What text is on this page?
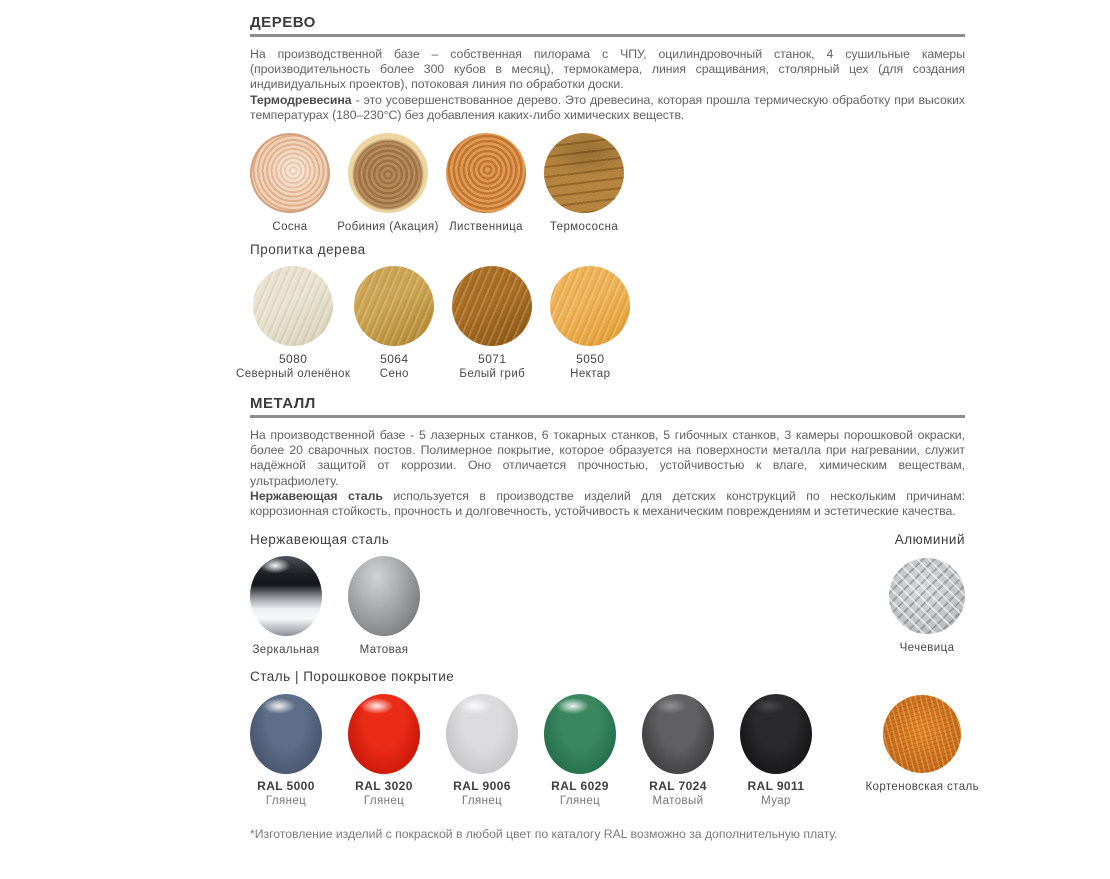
ДЕРЕВО

На производственной базе – собственная пилорама с ЧПУ, оцилиндровочный станок, 4 сушильные камеры (производительность более 300 кубов в месяц), термокамера, линия сращивания, столярный цех (для создания индивидуальных проектов), потоковая линия по обработки доски.

Термодревесина - это усовершенствованное дерево. Это древесина, которая прошла термическую обработку при высоких температурах (180–230°С) без добавления каких-либо химических веществ.

Сосна	Робиния (Акация) Лиственница Термососна
Пропитка дерева
5080
Северный оленёнок
5064
Сено
5071
Белый гриб
5050
Нектар
МЕТАЛЛ

На производственной базе - 5 лазерных станков, 6 токарных станков, 5 гибочных станков, 3 камеры порошковой окраски, более 20 сварочных постов. Полимерное покрытие, которое образуется на поверхности металла при нагревании, служит надёжной защитой от коррозии. Оно отличается прочностью, устойчивостью к влаге, химическим веществам, ультрафиолету.

Нержавеющая сталь используется в производстве изделий для детских конструкций по нескольким причинам: коррозионная стойкость, прочность и долговечность, устойчивость к механическим повреждениям и эстетические качества.

Нержавеющая сталь
Зеркальная	Матовая
Алюминий
Чечевица
Сталь | Порошковое покрытие
RAL 5000
Глянец
RAL 3020
Глянец
RAL 9006
Глянец
RAL 6029
Глянец
RAL 7024
Матовый
RAL 9011
Муар
Кортеновская сталь

*Изготовление изделий с покраской в любой цвет по каталогу RAL возможно за дополнительную плату.
